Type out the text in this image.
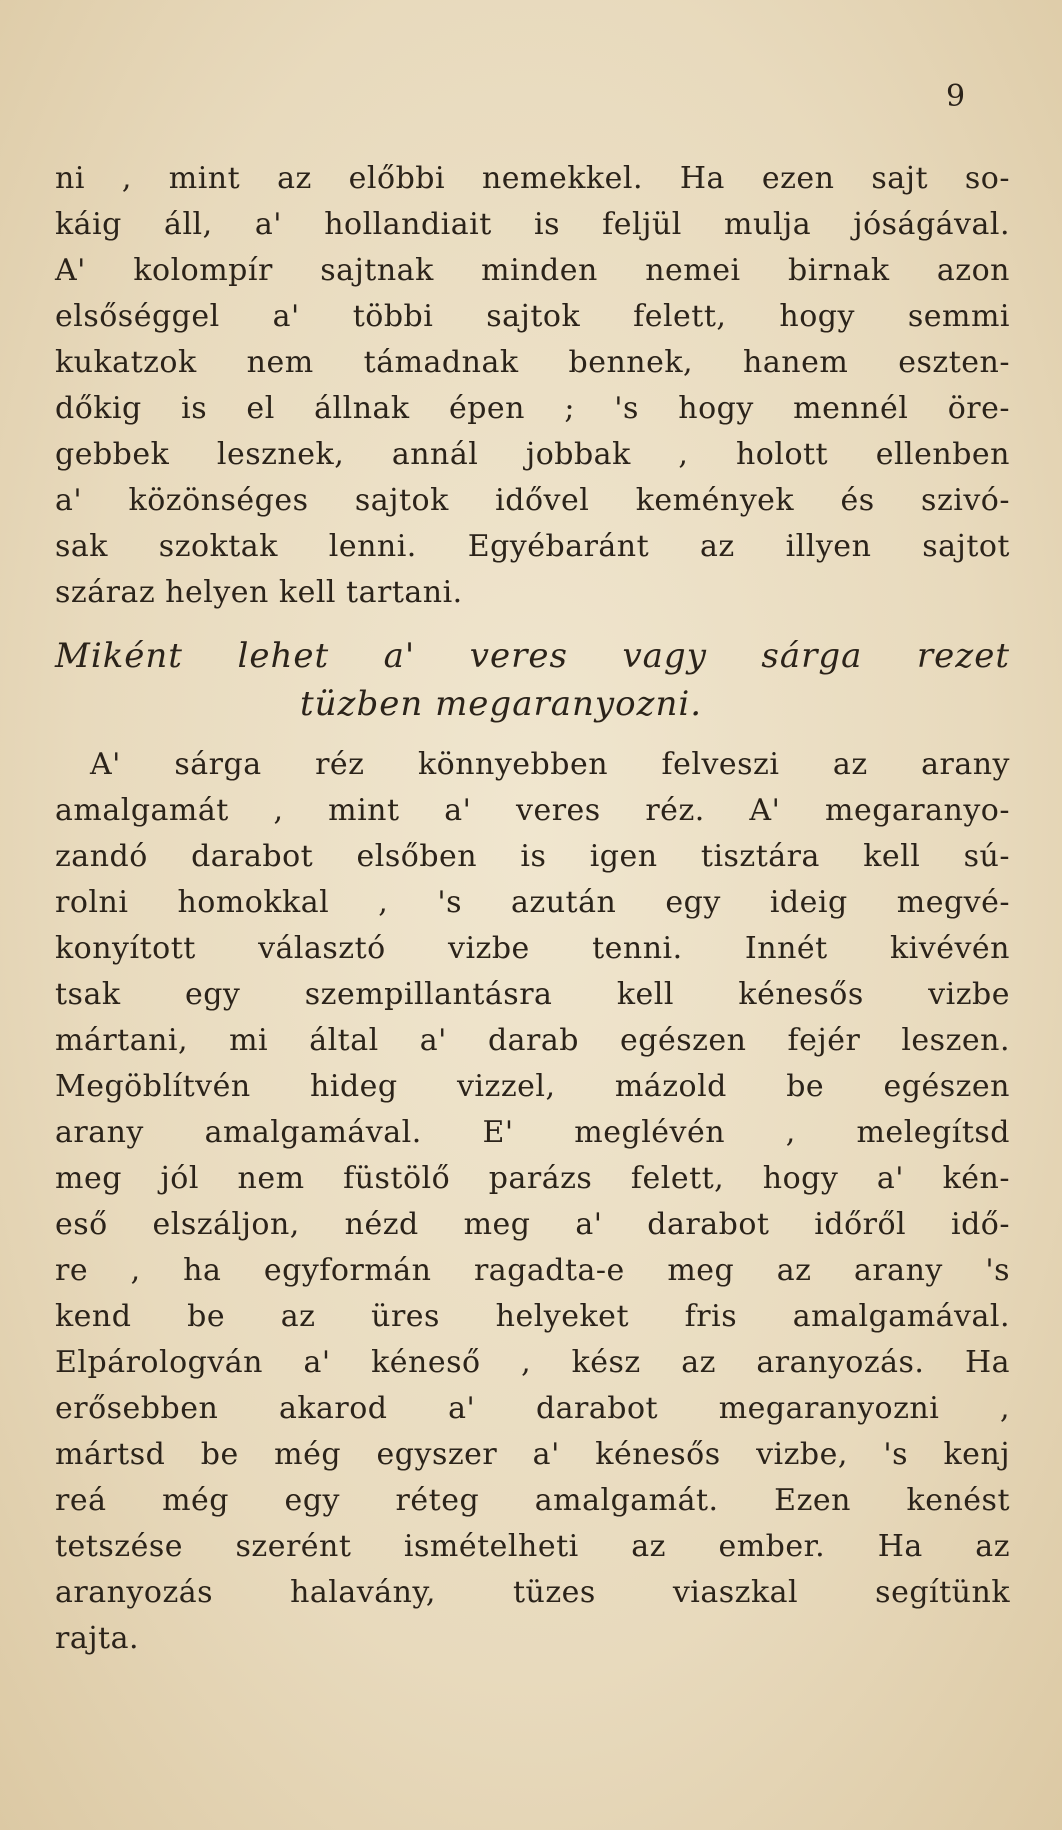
9
ni , mint az előbbi nemekkel. Ha ezen sajt so-
káig áll, a' hollandiait is feljül mulja jóságával.
A' kolompír sajtnak minden nemei birnak azon
elsőséggel a' többi sajtok felett, hogy semmi
kukatzok nem támadnak bennek, hanem eszten-
dőkig is el állnak épen ; 's hogy mennél öre-
gebbek lesznek, annál jobbak , holott ellenben
a' közönséges sajtok idővel kemények és szivó-
sak szoktak lenni. Egyébaránt az illyen sajtot
száraz helyen kell tartani.
Miként lehet a' veres vagy sárga rezet
tüzben megaranyozni.
A' sárga réz könnyebben felveszi az arany
amalgamát , mint a' veres réz. A' megaranyo-
zandó darabot elsőben is igen tisztára kell sú-
rolni homokkal , 's azután egy ideig megvé-
konyított választó vizbe tenni. Innét kivévén
tsak egy szempillantásra kell kénesős vizbe
mártani, mi által a' darab egészen fejér leszen.
Megöblítvén hideg vizzel, mázold be egészen
arany amalgamával. E' meglévén , melegítsd
meg jól nem füstölő parázs felett, hogy a' kén-
eső elszáljon, nézd meg a' darabot időről idő-
re , ha egyformán ragadta-e meg az arany 's
kend be az üres helyeket fris amalgamával.
Elpárologván a' kéneső , kész az aranyozás. Ha
erősebben akarod a' darabot megaranyozni ,
mártsd be még egyszer a' kénesős vizbe, 's kenj
reá még egy réteg amalgamát. Ezen kenést
tetszése szerént ismételheti az ember. Ha az
aranyozás halavány, tüzes viaszkal segítünk
rajta.
